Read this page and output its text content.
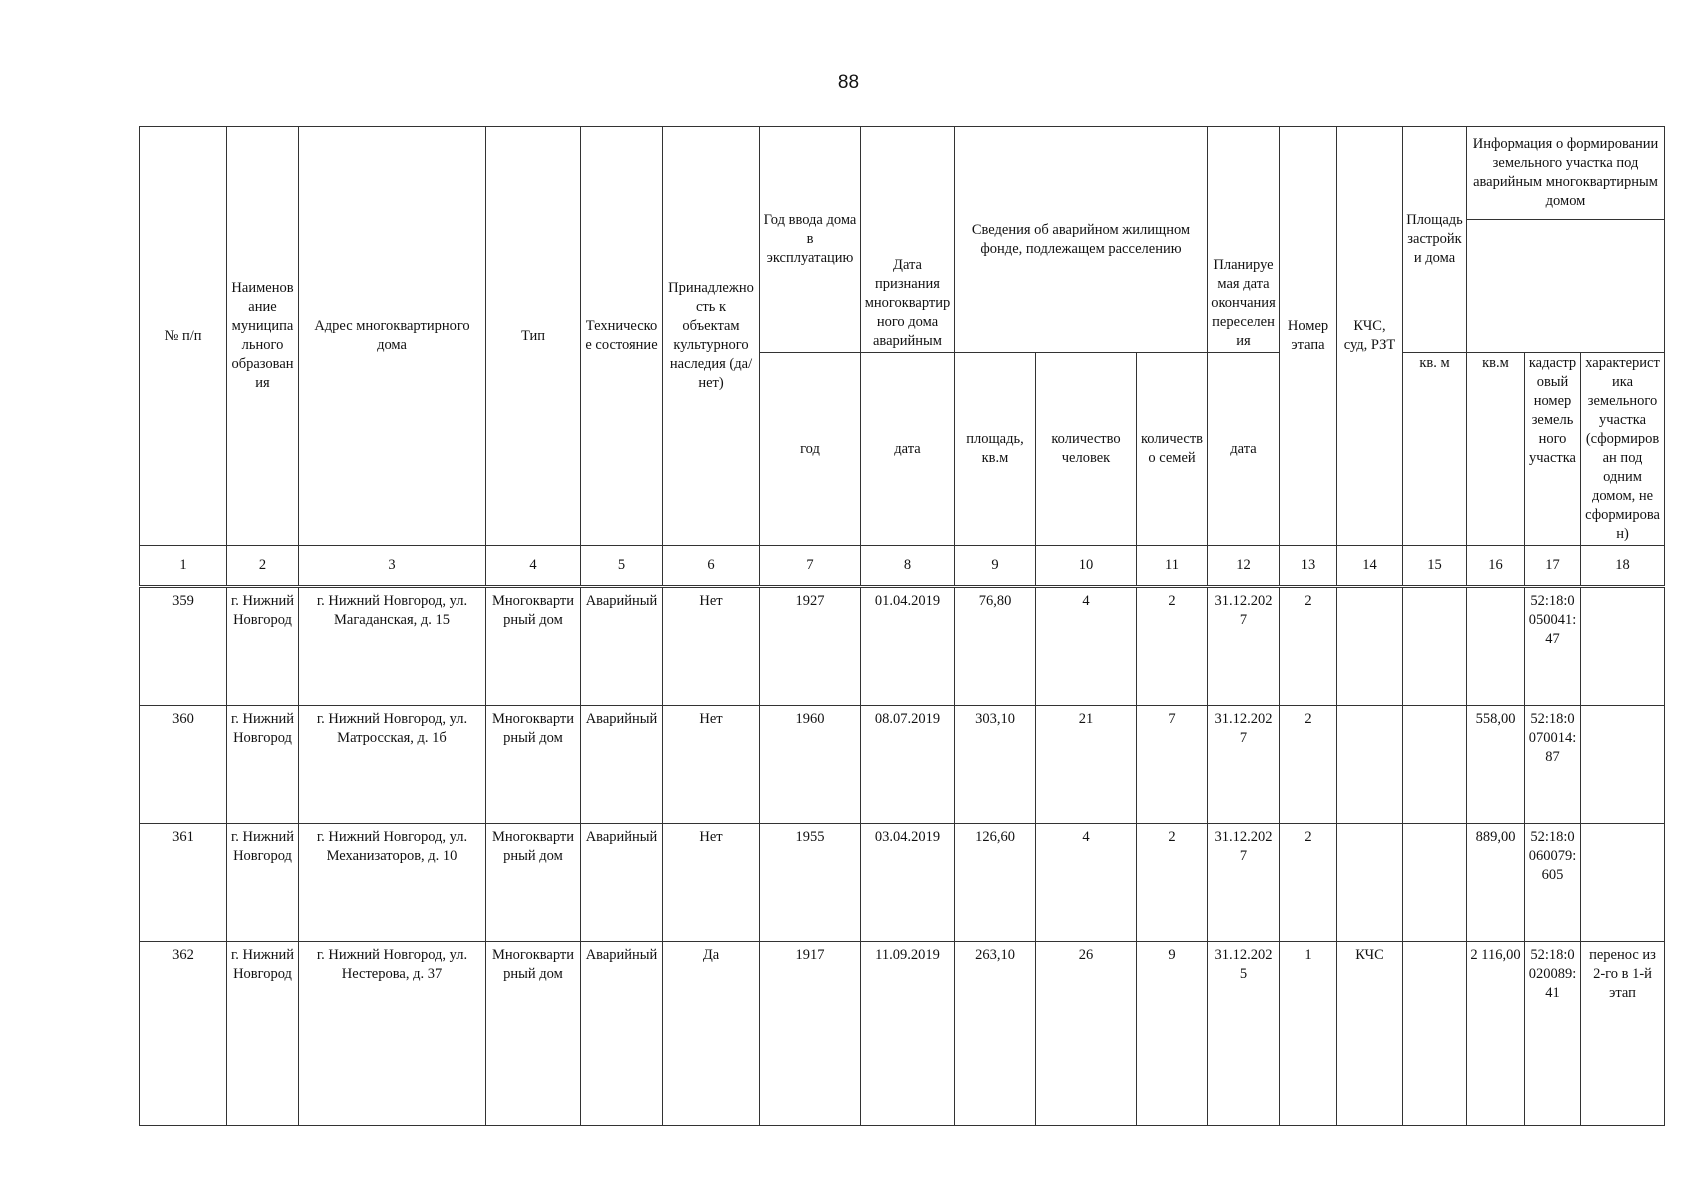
88
№ п/п	Наименование муниципального образования	Адрес многоквартирного дома	Тип	Техническое состояние	Принадлежность к объектам культурного наследия (да/нет)	Год ввода дома в эксплуатацию	Дата признания многоквартирного дома аварийным	Сведения об аварийном жилищном фонде, подлежащем расселению			Планируемая дата окончания переселения	Номер этапа	КЧС, суд, РЗТ	Площадь застройки дома	Информация о формировании земельного участка под аварийным многоквартирным домом		

						год	дата	площадь, кв.м	количество человек	количество семей	дата			кв. м	кв.м	кадастровый номер земельного участка	характеристика земельного участка (сформирован под одним домом, не сформирован)
1	2	3	4	5	6	7	8	9	10	11	12	13	14	15	16	17	18

359	г. Нижний Новгород	г. Нижний Новгород, ул. Магаданская, д. 15	Многоквартирный дом	Аварийный	Нет	1927	01.04.2019	76,80	4	2	31.12.2027	2				52:18:0050041:47	
360	г. Нижний Новгород	г. Нижний Новгород, ул. Матросская, д. 1б	Многоквартирный дом	Аварийный	Нет	1960	08.07.2019	303,10	21	7	31.12.2027	2			558,00	52:18:0070014:87	
361	г. Нижний Новгород	г. Нижний Новгород, ул. Механизаторов, д. 10	Многоквартирный дом	Аварийный	Нет	1955	03.04.2019	126,60	4	2	31.12.2027	2			889,00	52:18:0060079:605	
362	г. Нижний Новгород	г. Нижний Новгород, ул. Нестерова, д. 37	Многоквартирный дом	Аварийный	Да	1917	11.09.2019	263,10	26	9	31.12.2025	1	КЧС		2 116,00	52:18:0020089:41	перенос из 2-го в 1-й этап
